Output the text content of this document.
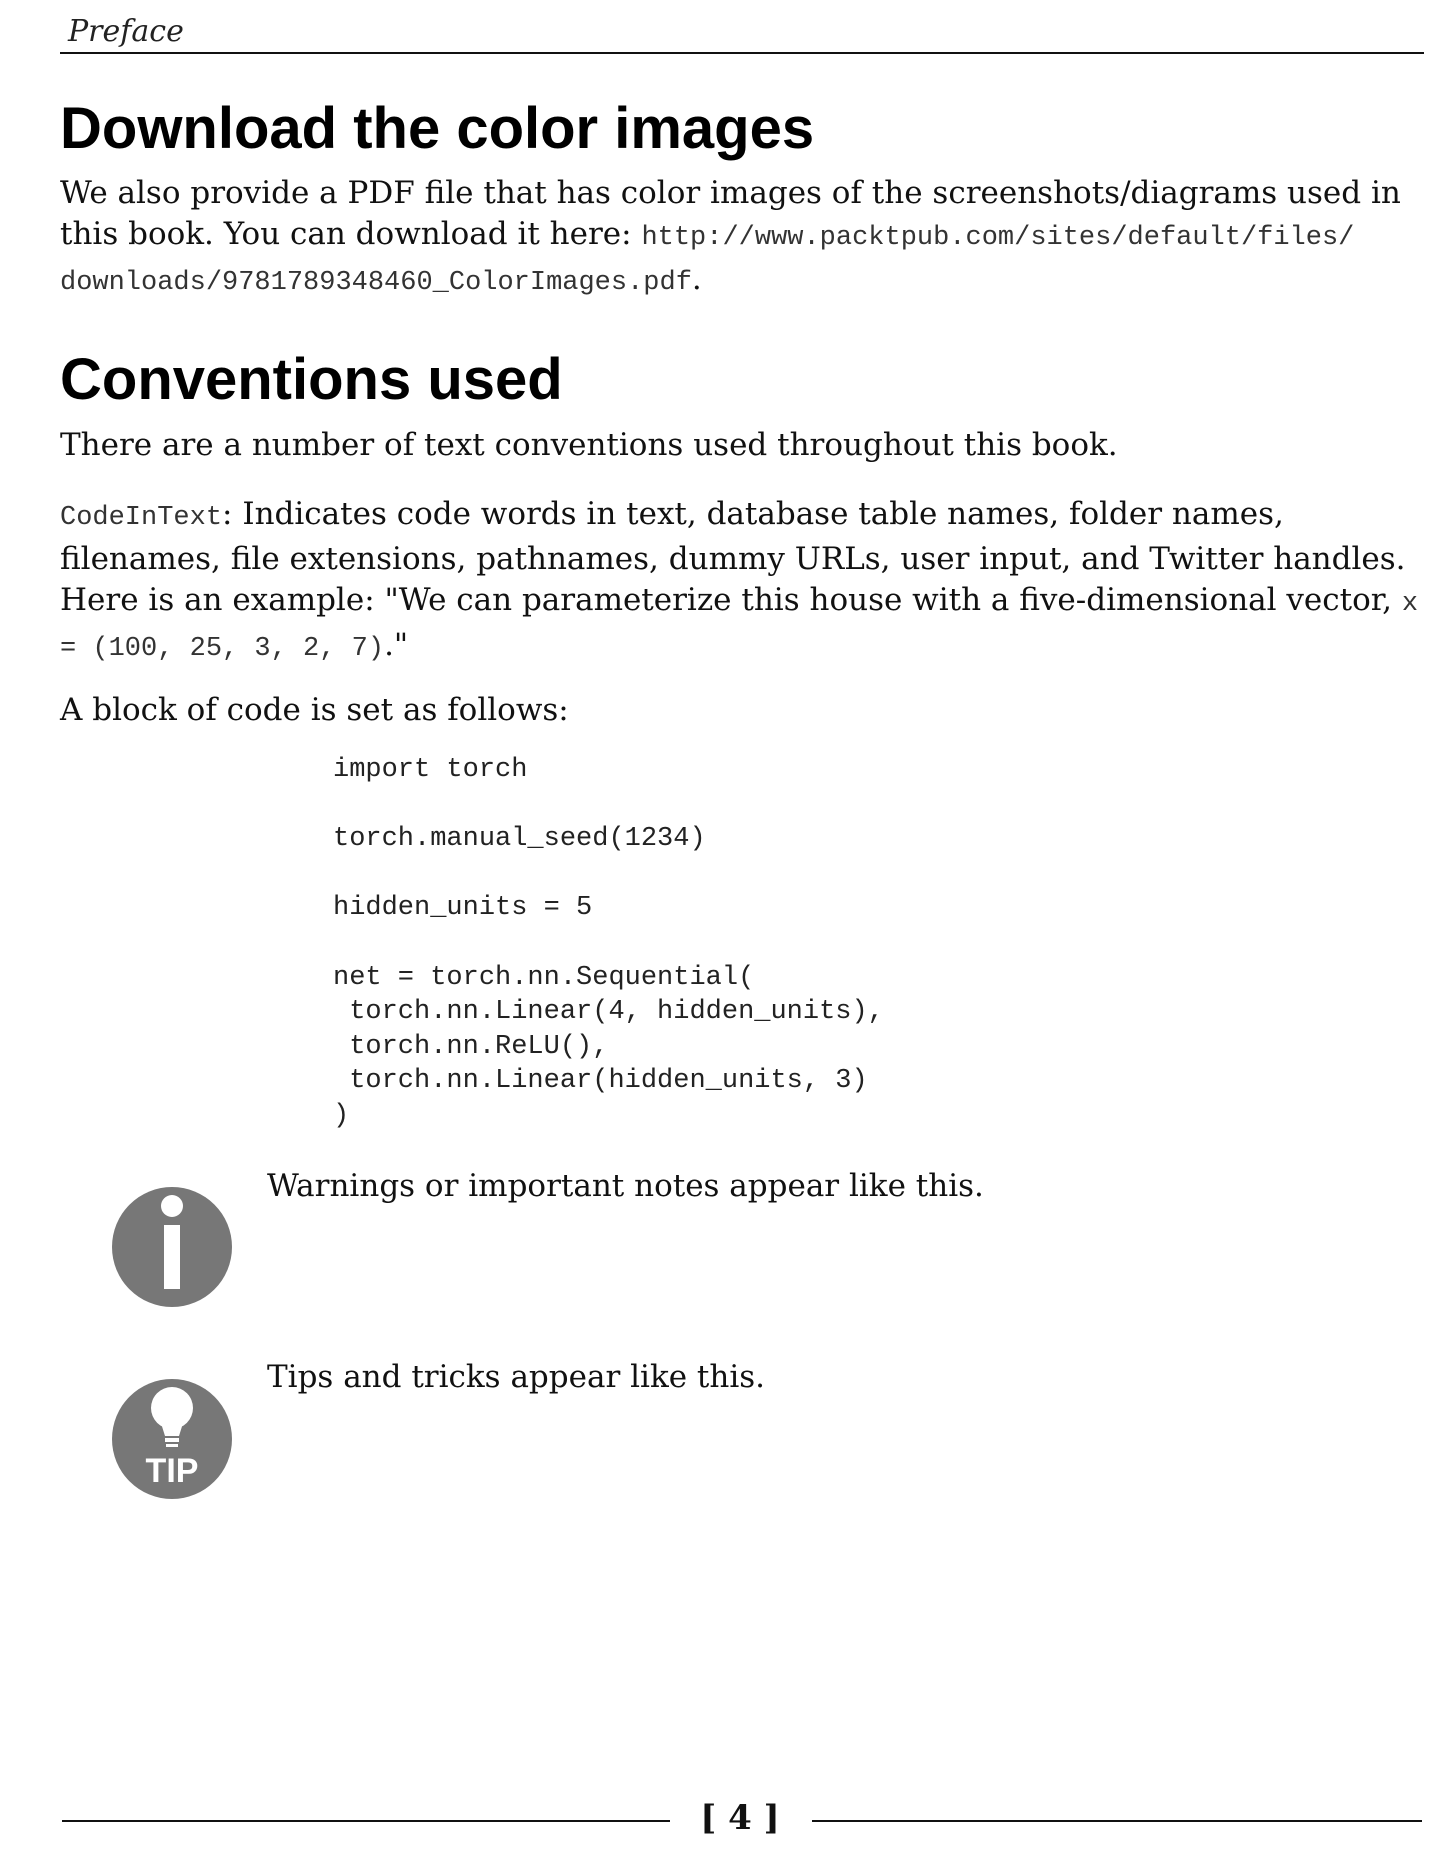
Preface
Download the color images

We also provide a PDF file that has color images of the screenshots/diagrams used in this book. You can download it here: http://www.packtpub.com/sites/default/files/ downloads/9781789348460_ColorImages.pdf.

Conventions used

There are a number of text conventions used throughout this book.

CodeInText: Indicates code words in text, database table names, folder names, filenames, file extensions, pathnames, dummy URLs, user input, and Twitter handles. Here is an example: "We can parameterize this house with a five-dimensional vector, x = (100, 25, 3, 2, 7)."

A block of code is set as follows:

import torch

torch.manual_seed(1234)

hidden_units = 5

net = torch.nn.Sequential(
torch.nn.Linear(4, hidden_units),
torch.nn.ReLU(),
torch.nn.Linear(hidden_units, 3)
)
Warnings or important notes appear like this.
TIP
Tips and tricks appear like this.
[ 4 ]
